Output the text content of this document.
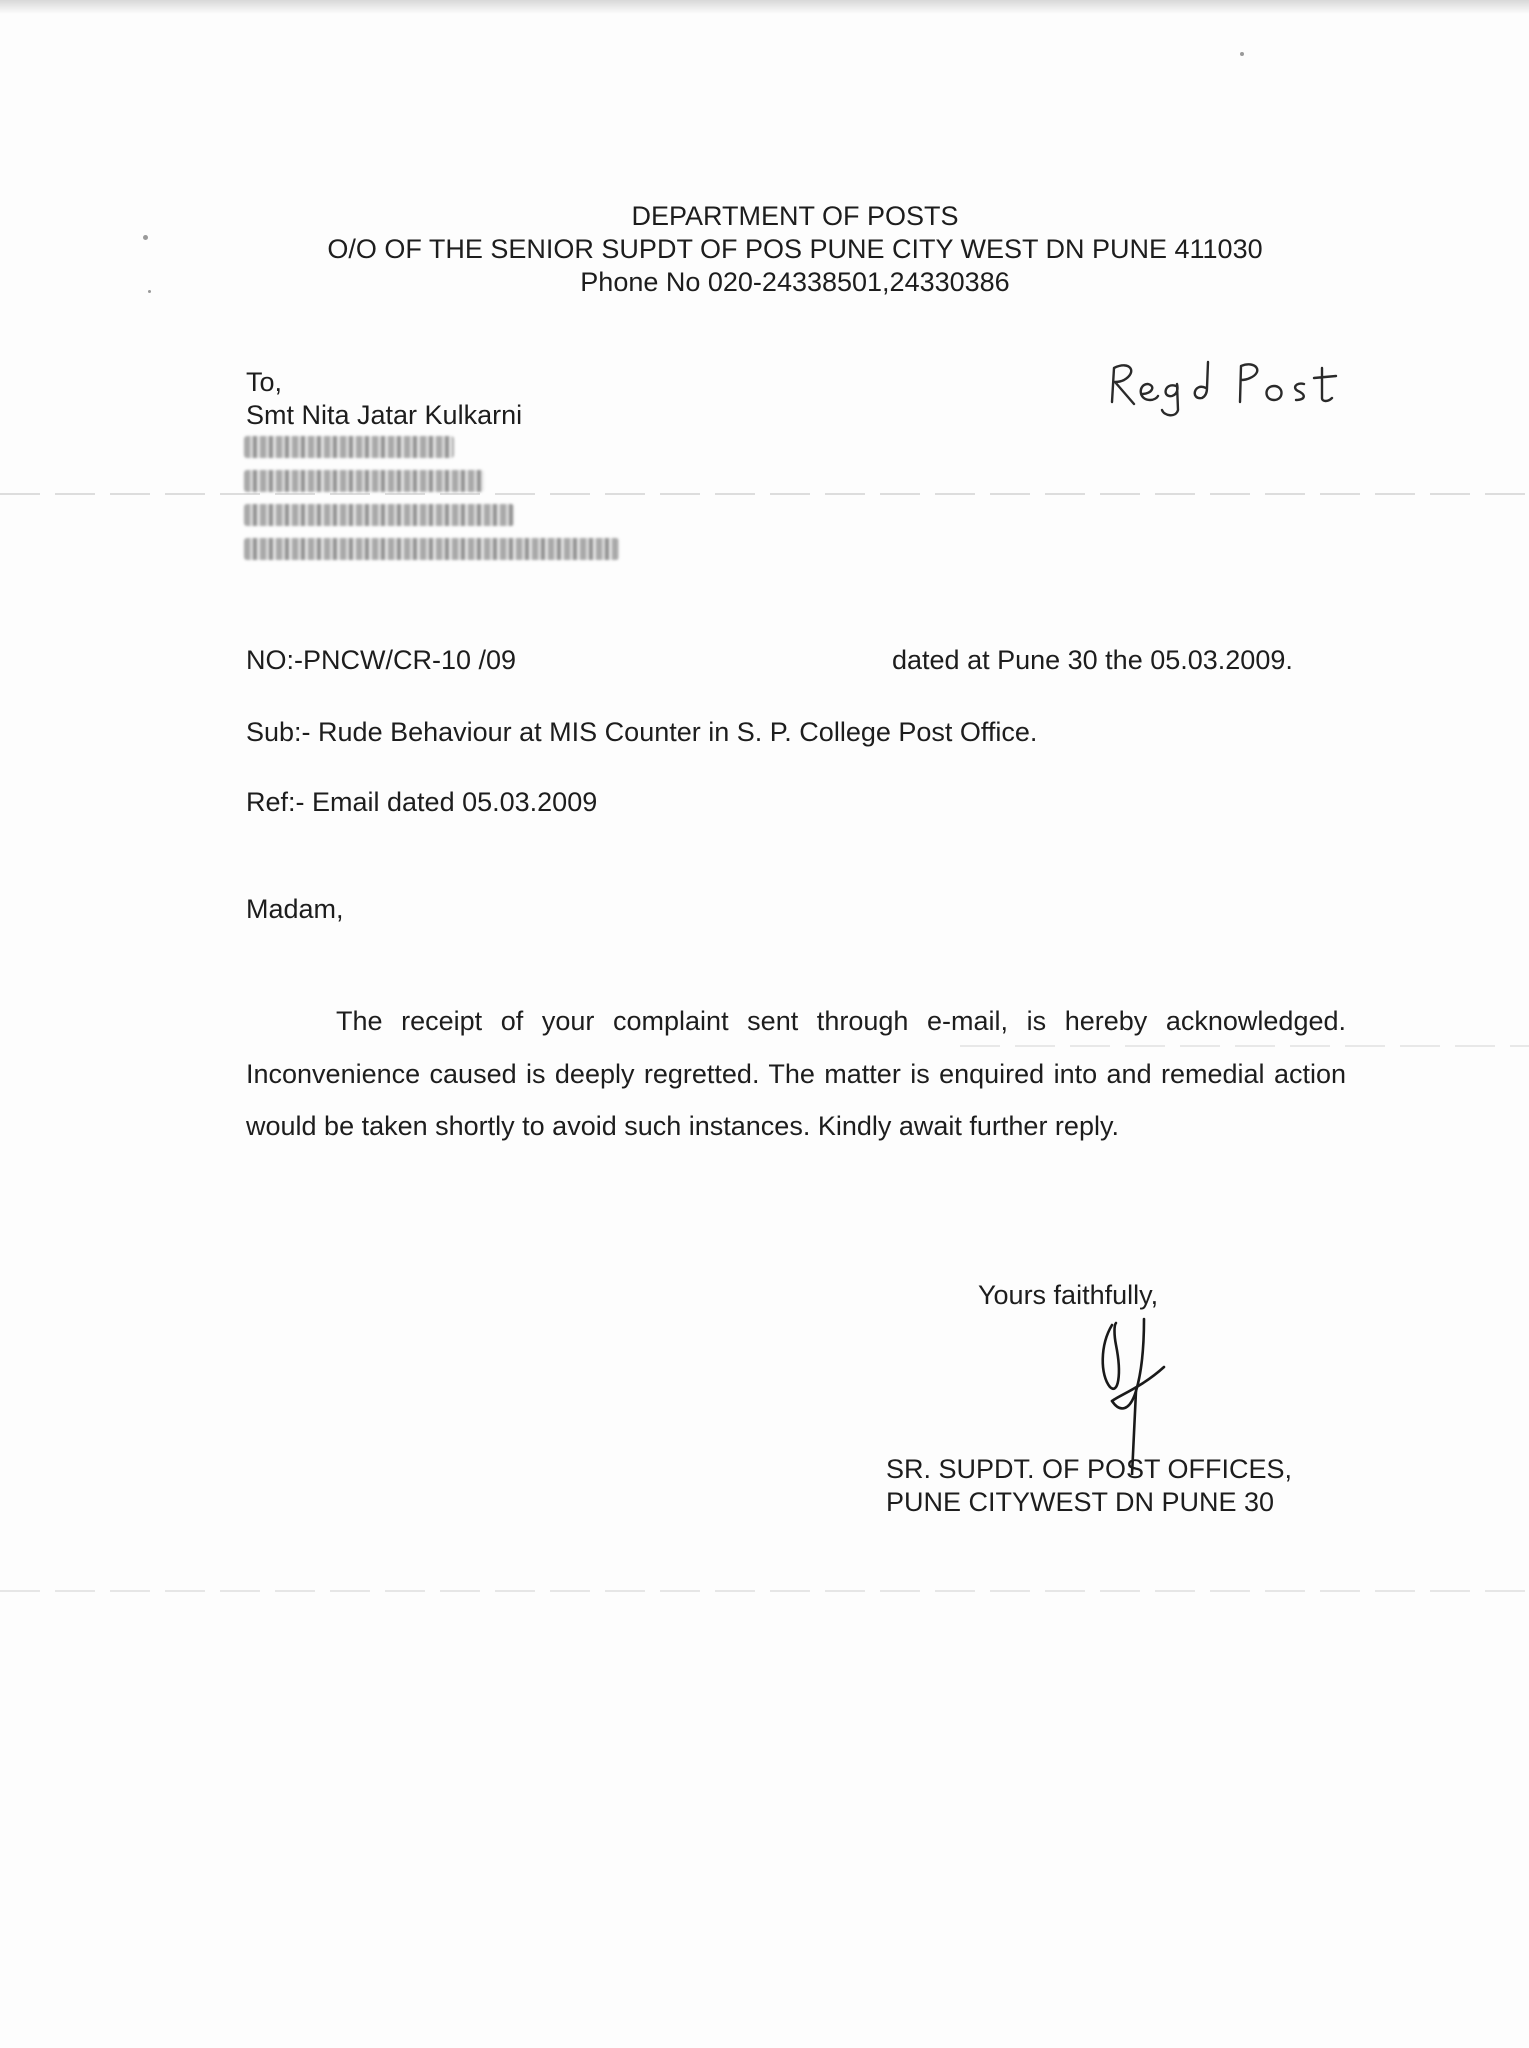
DEPARTMENT OF POSTS
O/O OF THE SENIOR SUPDT OF POS PUNE CITY WEST DN PUNE 411030
Phone No 020-24338501,24330386
To,
Smt Nita Jatar Kulkarni
NO:-PNCW/CR-10 /09	dated at Pune 30 the 05.03.2009.
Sub:- Rude Behaviour at MIS Counter in S. P. College Post Office.
Ref:- Email dated 05.03.2009
Madam,
The receipt of your complaint sent through e-mail, is hereby acknowledged. Inconvenience caused is deeply regretted. The matter is enquired into and remedial action would be taken shortly to avoid such instances. Kindly await further reply.
Yours faithfully,
SR. SUPDT. OF POST OFFICES,
PUNE CITYWEST DN PUNE 30
